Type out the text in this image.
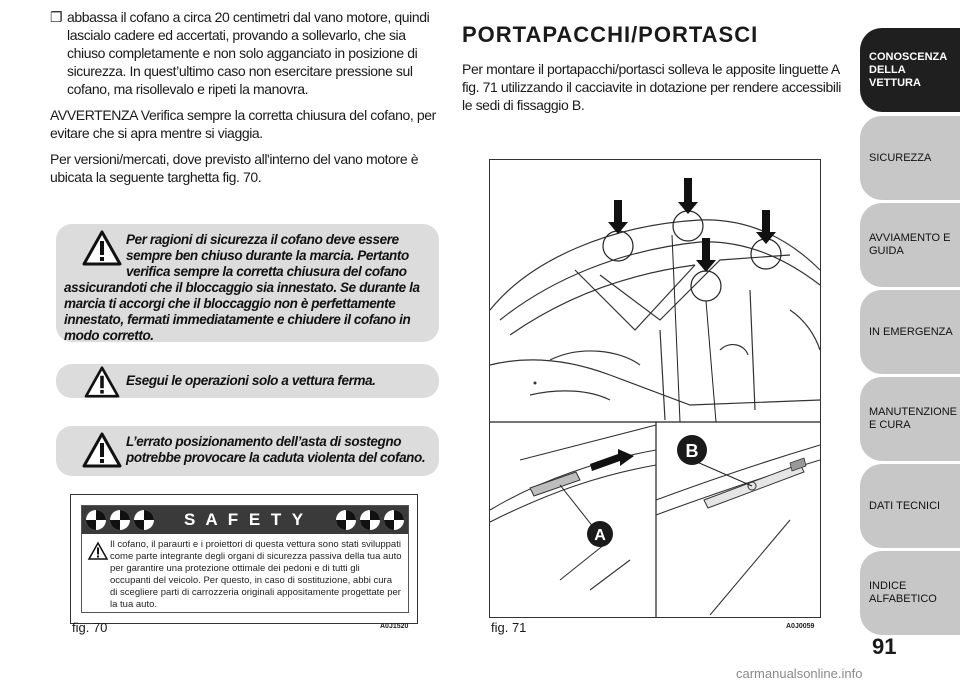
❐ abbassa il cofano a circa 20 centimetri dal vano motore, quindi lascialo cadere ed accertati, provando a sollevarlo, che sia chiuso completamente e non solo agganciato in posizione di sicurezza. In quest’ultimo caso non esercitare pressione sul cofano, ma risollevalo e ripeti la manovra.

AVVERTENZA Verifica sempre la corretta chiusura del cofano, per evitare che si apra mentre si viaggia.

Per versioni/mercati, dove previsto all'interno del vano motore è ubicata la seguente targhetta fig. 70.

Per ragioni di sicurezza il cofano deve essere sempre ben chiuso durante la marcia. Pertanto verifica sempre la corretta chiusura del cofano assicurandoti che il bloccaggio sia innestato. Se durante la marcia ti accorgi che il bloccaggio non è perfettamente innestato, fermati immediatamente e chiudere il cofano in modo corretto.
Esegui le operazioni solo a vettura ferma.
L’errato posizionamento dell’asta di sostegno potrebbe provocare la caduta violenta del cofano.
S A F E T Y
Il cofano, il paraurti e i proiettori di questa vettura sono stati sviluppati come parte integrante degli organi di sicurezza passiva della tua auto per garantire una protezione ottimale dei pedoni e di tutti gli occupanti del veicolo. Per questo, in caso di sostituzione, abbi cura di scegliere parti di carrozzeria originali appositamente progettate per la tua auto.
fig. 70	A0J1520
PORTAPACCHI/PORTASCI

Per montare il portapacchi/portasci solleva le apposite linguette A fig. 71 utilizzando il cacciavite in dotazione per rendere accessibili le sedi di fissaggio B.

A
B
fig. 71	A0J0059
CONOSCENZA DELLA VETTURA
SICUREZZA
AVVIAMENTO E GUIDA
IN EMERGENZA
MANUTENZIONE E CURA
DATI TECNICI
INDICE ALFABETICO
91
carmanualsonline.info
